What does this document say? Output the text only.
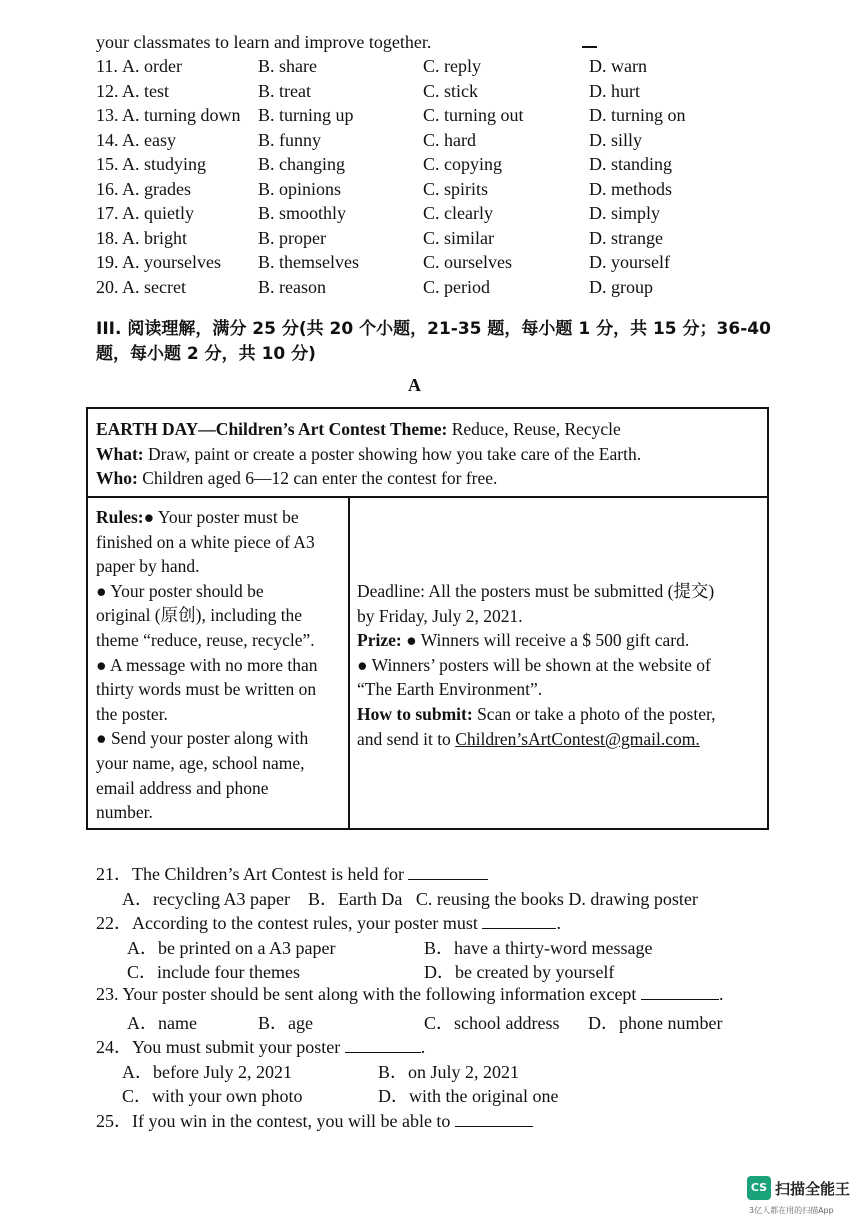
your classmates to learn and improve together.
11. A. order	B. share	C. reply	D. warn
12. A. test	B. treat	C. stick	D. hurt
13. A. turning down B. turning up	C. turning out	D. turning on
14. A. easy	B. funny	C. hard	D. silly
15. A. studying	B. changing	C. copying	D. standing
16. A. grades	B. opinions	C. spirits	D. methods
17. A. quietly	B. smoothly	C. clearly	D. simply
18. A. bright	B. proper	C. similar	D. strange
19. A. yourselves B. themselves	C. ourselves	D. yourself
20. A. secret	B. reason	C. period	D. group
III. 阅读理解，满分 25 分(共 20 个小题，21-35 题，每小题 1 分，共 15 分；36-40
题，每小题 2 分，共 10 分)
A
EARTH DAY—Children’s Art Contest Theme: Reduce, Reuse, Recycle
What: Draw, paint or create a poster showing how you take care of the Earth.
Who: Children aged 6—12 can enter the contest for free.
Rules:● Your poster must be
finished on a white piece of A3
paper by hand.
● Your poster should be
original (原创), including the
theme “reduce, reuse, recycle”.
● A message with no more than
thirty words must be written on
the poster.
● Send your poster along with
your name, age, school name,
email address and phone
number.
Deadline: All the posters must be submitted (提交)
by Friday, July 2, 2021.
Prize: ● Winners will receive a $ 500 gift card.
● Winners’ posters will be shown at the website of
“The Earth Environment”.
How to submit: Scan or take a photo of the poster,
and send it to Children’sArtContest@gmail.com.
21．The Children’s Art Contest is held for
A．recycling A3 paper    B．Earth Da   C. reusing the books D. drawing poster
22．According to the contest rules, your poster must	.
A．be printed on a A3 paper	B．have a thirty-word message
C．include four themes	D．be created by yourself
23. Your poster should be sent along with the following information except	.
A．name	B．age	C．school address D．phone number
24．You must submit your poster	.
A．before July 2, 2021	B．on July 2, 2021
C．with your own photo	D．with the original one
25．If you win in the contest, you will be able to
CS 扫描全能王
3亿人都在用的扫描App
